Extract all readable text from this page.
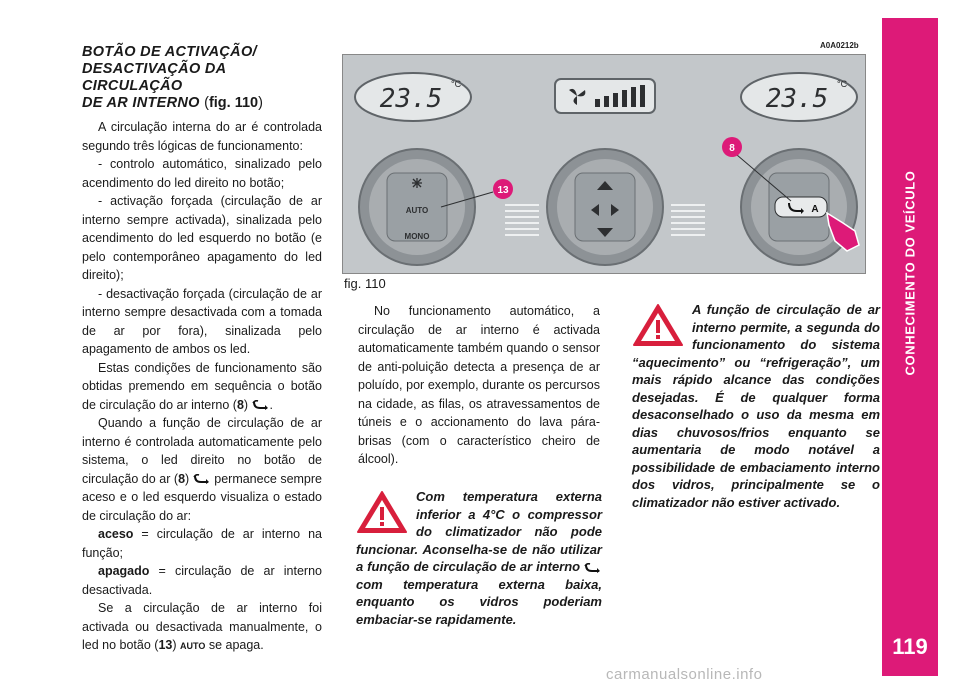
CONHECIMENTO DO VEÍCULO
119
BOTÃO DE ACTIVAÇÃO/
DESACTIVAÇÃO DA CIRCULAÇÃO
DE AR INTERNO (fig. 110)

A circulação interna do ar é controlada segundo três lógicas de funcionamento:

- controlo automático, sinalizado pelo acendimento do led direito no botão;

- activação forçada (circulação de ar interno sempre activada), sinalizada pelo acendimento do led esquerdo no botão (e pelo contemporâneo apagamento do led direito);

- desactivação forçada (circulação de ar interno sempre desactivada com a tomada de ar por fora), sinalizada pelo apagamento de ambos os led.

Estas condições de funcionamento são obtidas premendo em sequência o botão de circulação do ar interno (8) .

Quando a função de circulação de ar interno é controlada automaticamente pelo sistema, o led direito no botão de circulação do ar (8)  permanece sempre aceso e o led esquerdo visualiza o estado de circulação do ar:

aceso = circulação de ar interno na função;

apagado = circulação de ar interno desactivada.

Se a circulação de ar interno foi activada ou desactivada manualmente, o led no botão (13) AUTO se apaga.

A0A0212b
23.5 °C	23.5 °C
AUTO
MONO
A
13
8
fig. 110

No funcionamento automático, a circulação de ar interno é activada automaticamente também quando o sensor de anti-poluição detecta a presença de ar poluído, por exemplo, durante os percursos na cidade, as filas, os atravessamentos de túneis e o accionamento do lava pára-brisas (com o característico cheiro de álcool).

Com temperatura externa inferior a 4°C o compressor do climatizador não pode funcionar. Aconselha-se de não utilizar a função de circulação de ar interno  com temperatura externa baixa, enquanto os vidros poderiam embaciar-se rapidamente.
A função de circulação de ar interno permite, a segunda do funcionamento do sistema “aquecimento” ou “refrigeração”, um mais rápido alcance das condições desejadas. É de qualquer forma desaconselhado o uso da mesma em dias chuvosos/frios enquanto se aumentaria de modo notável a possibilidade de embaciamento interno dos vidros, principalmente se o climatizador não estiver activado.
carmanualsonline.info
